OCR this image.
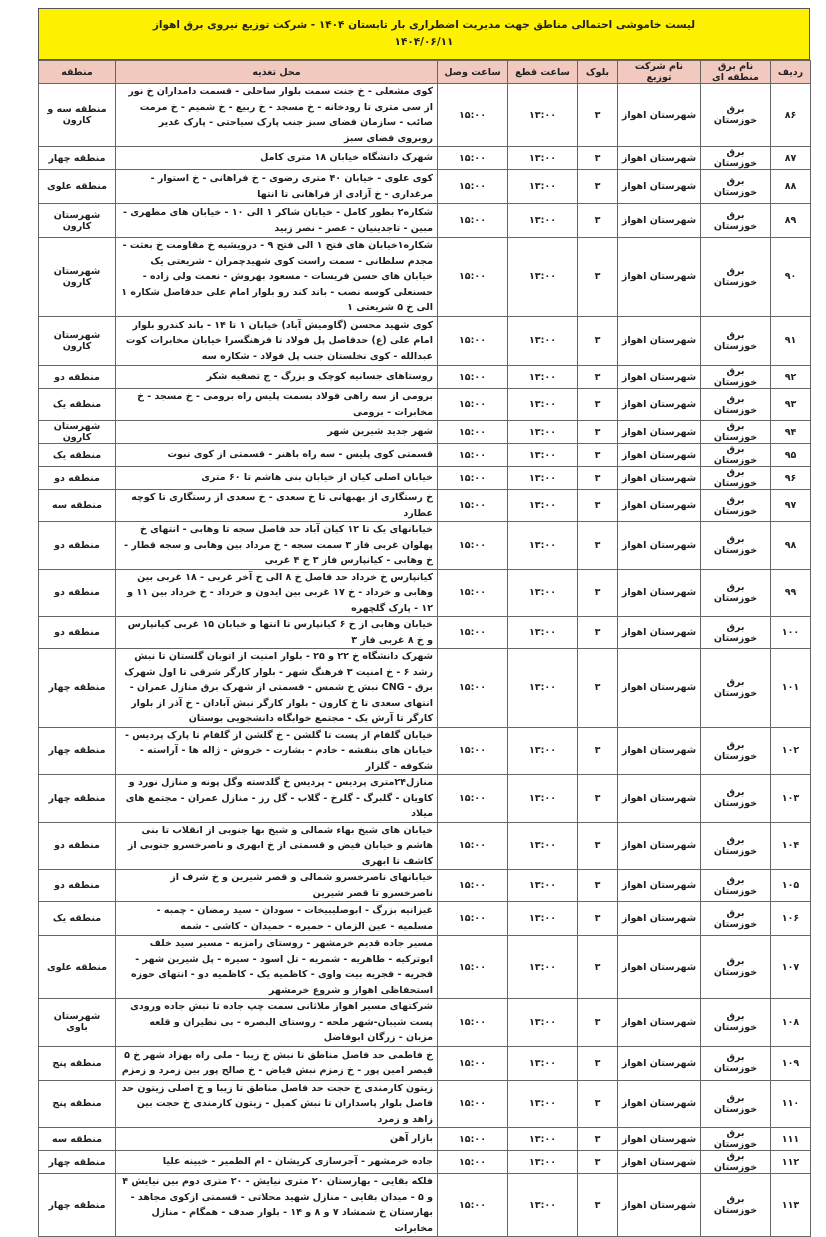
لیست خاموشی احتمالی مناطق جهت مدیریت اضطراری بار تابستان ۱۴۰۴ - شرکت توزیع نیروی برق اهواز
۱۴۰۴/۰۶/۱۱
ردیف	نام برق منطقه ای	نام شرکت توزیع	بلوک	ساعت قطع	ساعت وصل	محل تغذیه	منطقه
۸۶	برق خوزستان	شهرستان اهواز	۳	۱۳:۰۰	۱۵:۰۰	کوی مشعلی - خ جنت سمت بلوار ساحلی - قسمت دامداران خ نور از سی متری تا رودخانه - خ مسجد - خ ربیع - خ شمیم - خ مرمت صائب - سازمان فضای سبز جنب پارک سیاحتی - پارک غدیر روبروی فضای سبز	منطقه سه و کارون
۸۷	برق خوزستان	شهرستان اهواز	۳	۱۳:۰۰	۱۵:۰۰	شهرک دانشگاه خیابان ۱۸ متری کامل	منطقه چهار
۸۸	برق خوزستان	شهرستان اهواز	۳	۱۳:۰۰	۱۵:۰۰	کوی علوی - خیابان ۴۰ متری رضوی - خ فراهانی - خ استوار - مرغداری - خ آزادی از فراهانی تا انتها	منطقه علوی
۸۹	برق خوزستان	شهرستان اهواز	۳	۱۳:۰۰	۱۵:۰۰	شکاره۲ بطور کامل - خیابان شاکر ۱ الی ۱۰ - خیابان های مطهری - مبین - تاجدینیان - عصر - نصر زبید	شهرستان کارون
۹۰	برق خوزستان	شهرستان اهواز	۳	۱۳:۰۰	۱۵:۰۰	شکاره۱خیابان های فتح ۱ الی فتح ۹ - درویشیه خ مقاومت خ بعثت - مجدم سلطانی - سمت راست کوی شهیدچمران - شریعتی یک خیابان های حسن فریسات - مسعود بهروش - نعمت ولی زاده - حسنعلی کوسه نصب - باند کند رو بلوار امام علی حدفاصل شکاره ۱ الی خ ۵ شریعتی ۱	شهرستان کارون
۹۱	برق خوزستان	شهرستان اهواز	۳	۱۳:۰۰	۱۵:۰۰	کوی شهید محسن (گاومیش آباد) خیابان ۱ تا ۱۴ - باند کندرو بلوار امام علی (ع) حدفاصل پل فولاد تا فرهنگسرا خیابان مخابرات کوت عبدالله - کوی نخلستان جنب پل فولاد - شکاره سه	شهرستان کارون
۹۲	برق خوزستان	شهرستان اهواز	۳	۱۳:۰۰	۱۵:۰۰	روستاهای جسانیه کوچک و بزرگ - ج تصفیه شکر	منطقه دو
۹۳	برق خوزستان	شهرستان اهواز	۳	۱۳:۰۰	۱۵:۰۰	برومی از سه راهی فولاد بسمت پلیس راه برومی - خ مسجد - خ مخابرات - برومی	منطقه یک
۹۴	برق خوزستان	شهرستان اهواز	۳	۱۳:۰۰	۱۵:۰۰	شهر جدید شیرین شهر	شهرستان کارون
۹۵	برق خوزستان	شهرستان اهواز	۳	۱۳:۰۰	۱۵:۰۰	قسمتی کوی پلیس - سه راه باهنر - قسمتی از کوی نبوت	منطقه یک
۹۶	برق خوزستان	شهرستان اهواز	۳	۱۳:۰۰	۱۵:۰۰	خیابان اصلی کیان از خیابان بنی هاشم تا ۶۰ متری	منطقه دو
۹۷	برق خوزستان	شهرستان اهواز	۳	۱۳:۰۰	۱۵:۰۰	خ رستگاری از بهبهانی تا خ سعدی - خ سعدی از رستگاری تا کوچه عطارد	منطقه سه
۹۸	برق خوزستان	شهرستان اهواز	۳	۱۳:۰۰	۱۵:۰۰	خیابانهای یک تا ۱۲ کیان آباد حد فاصل سجه تا وهابی - انتهای خ پهلوان غربی فاز ۳ سمت سجه - خ مرداد بین وهابی و سجه قطار - خ وهابی - کیانپارس فاز ۳ خ ۴ غربی	منطقه دو
۹۹	برق خوزستان	شهرستان اهواز	۳	۱۳:۰۰	۱۵:۰۰	کیانپارس خ خرداد حد فاصل خ ۸ الی خ آخر غربی - ۱۸ غربی بین وهابی و خرداد - خ ۱۷ غربی بین ایدون و خرداد - خ خرداد بین ۱۱ و ۱۲ - پارک گلچهره	منطقه دو
۱۰۰	برق خوزستان	شهرستان اهواز	۳	۱۳:۰۰	۱۵:۰۰	خیابان وهابی از خ ۶ کیانپارس تا انتها و خیابان ۱۵ غربی کیانپارس و خ ۸ غربی فاز ۳	منطقه دو
۱۰۱	برق خوزستان	شهرستان اهواز	۳	۱۳:۰۰	۱۵:۰۰	شهرک دانشگاه خ ۲۲ و ۲۵ - بلوار امنیت از اتوبان گلستان تا نبش رشد ۶ - خ امنیت ۳ فرهنگ شهر - بلوار کارگر شرقی تا اول شهرک برق - CNG نبش خ شمس - قسمتی از شهرک برق منازل عمران - انتهای سعدی تا خ کارون - بلوار کارگر نبش آبادان - خ آذر از بلوار کارگر تا آرش یک - مجتمع خوابگاه دانشجویی بوستان	منطقه چهار
۱۰۲	برق خوزستان	شهرستان اهواز	۳	۱۳:۰۰	۱۵:۰۰	خیابان گلفام از پست تا گلشن - خ گلشن از گلفام تا پارک پردیس - خیابان های بنفشه - خادم - بشارت - خروش - ژاله ها - آراسته - شکوفه - گلزار	منطقه چهار
۱۰۳	برق خوزستان	شهرستان اهواز	۳	۱۳:۰۰	۱۵:۰۰	منازل۲۴متری پردیس - پردیس خ گلدسته وگل پونه و منازل نورد و کاویان - گلبرگ - گلرخ - گلاب - گل رز - منازل عمران - مجتمع های میلاد	منطقه چهار
۱۰۴	برق خوزستان	شهرستان اهواز	۳	۱۳:۰۰	۱۵:۰۰	خیابان های شیخ بهاء شمالی و شیخ بها جنوبی از انقلاب تا بنی هاشم و خیابان فیض و قسمتی از خ ابهری و ناصرخسرو جنوبی از کاشف تا ابهری	منطقه دو
۱۰۵	برق خوزستان	شهرستان اهواز	۳	۱۳:۰۰	۱۵:۰۰	خیابانهای ناصرخسرو شمالی و قصر شیرین و خ شرف از ناصرخسرو تا قصر شیرین	منطقه دو
۱۰۶	برق خوزستان	شهرستان اهواز	۳	۱۳:۰۰	۱۵:۰۰	غیزانیه بزرگ - ابوصلیبیخات - سودان - سید رمضان - چمبه - مسلمیه - عین الزمان - حمیره - حمیدان - کاشی - شمه	منطقه یک
۱۰۷	برق خوزستان	شهرستان اهواز	۳	۱۳:۰۰	۱۵:۰۰	مسیر جاده قدیم خرمشهر - روستای رامزیه - مسیر سید خلف ابوترکیه - طاهریه - شمریه - تل اسود - سیره - پل شیرین شهر - فجریه - فجریه بیت واوی - کاظمیه یک - کاظمیه دو - انتهای حوزه استحفاظی اهواز و شروع خرمشهر	منطقه علوی
۱۰۸	برق خوزستان	شهرستان اهواز	۳	۱۳:۰۰	۱۵:۰۰	شرکتهای مسیر اهواز ملاثانی سمت چپ جاده تا نبش جاده ورودی پست شیبان-شهر ملحه - روستای البصره - بی نظیران و قلعه مزبان - زرگان ابوفاضل	شهرستان باوی
۱۰۹	برق خوزستان	شهرستان اهواز	۳	۱۳:۰۰	۱۵:۰۰	خ فاطمی حد فاصل مناطق تا نبش خ زیبا - ملی راه بهزاد شهر خ ۵ قیصر امین پور - خ زمزم نبش فیاض - خ صالح پور بین زمرد و زمزم	منطقه پنج
۱۱۰	برق خوزستان	شهرستان اهواز	۳	۱۳:۰۰	۱۵:۰۰	زیتون کارمندی خ حجت حد فاصل مناطق تا زیبا و خ اصلی زیتون حد فاصل بلوار پاسداران تا نبش کمیل - زیتون کارمندی خ حجت بین زاهد و زمرد	منطقه پنج
۱۱۱	برق خوزستان	شهرستان اهواز	۳	۱۳:۰۰	۱۵:۰۰	بازار آهن	منطقه سه
۱۱۲	برق خوزستان	شهرستان اهواز	۳	۱۳:۰۰	۱۵:۰۰	جاده خرمشهر - آجرسازی کریشان - ام الطمیر - خبینه علیا	منطقه چهار
۱۱۳	برق خوزستان	شهرستان اهواز	۳	۱۳:۰۰	۱۵:۰۰	فلکه بقایی - بهارستان ۲۰ متری نیایش - ۲۰ متری دوم بین نیایش ۴ و ۵ - میدان بقایی - منازل شهید محلاتی - قسمتی ازکوی مجاهد - بهارستان خ شمشاد ۷ و ۸ و ۱۴ - بلوار صدف - همگام - منازل مخابرات	منطقه چهار
